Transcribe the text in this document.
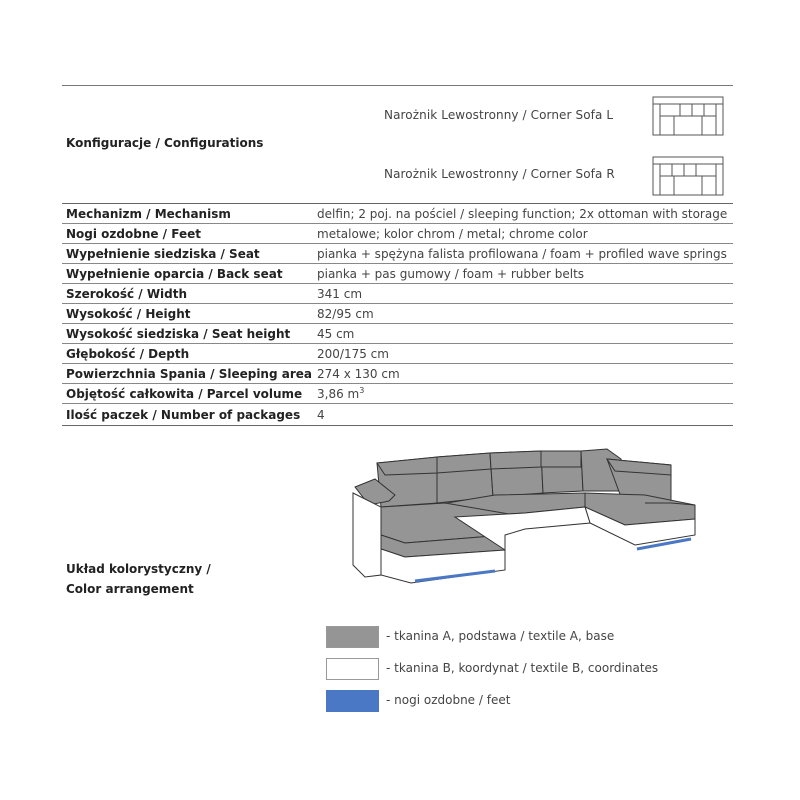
Konfiguracje / Configurations
Narożnik Lewostronny / Corner Sofa L
Narożnik Lewostronny / Corner Sofa R
Mechanizm / Mechanism	delfin; 2 poj. na pościel / sleeping function; 2x ottoman with storage
Nogi ozdobne / Feet	metalowe; kolor chrom / metal; chrome color
Wypełnienie siedziska / Seat	pianka + spężyna falista profilowana / foam + profiled wave springs
Wypełnienie oparcia / Back seat	pianka + pas gumowy / foam + rubber belts
Szerokość / Width	341 cm
Wysokość / Height	82/95 cm
Wysokość siedziska / Seat height	45 cm
Głębokość / Depth	200/175 cm
Powierzchnia Spania / Sleeping area 274 x 130 cm
Objętość całkowita / Parcel volume	3,86 $m^3$
Ilość paczek / Number of packages	4
Układ kolorystyczny /
Color arrangement
- tkanina A, podstawa / textile A, base
- tkanina B, koordynat / textile B, coordinates
- nogi ozdobne / feet
